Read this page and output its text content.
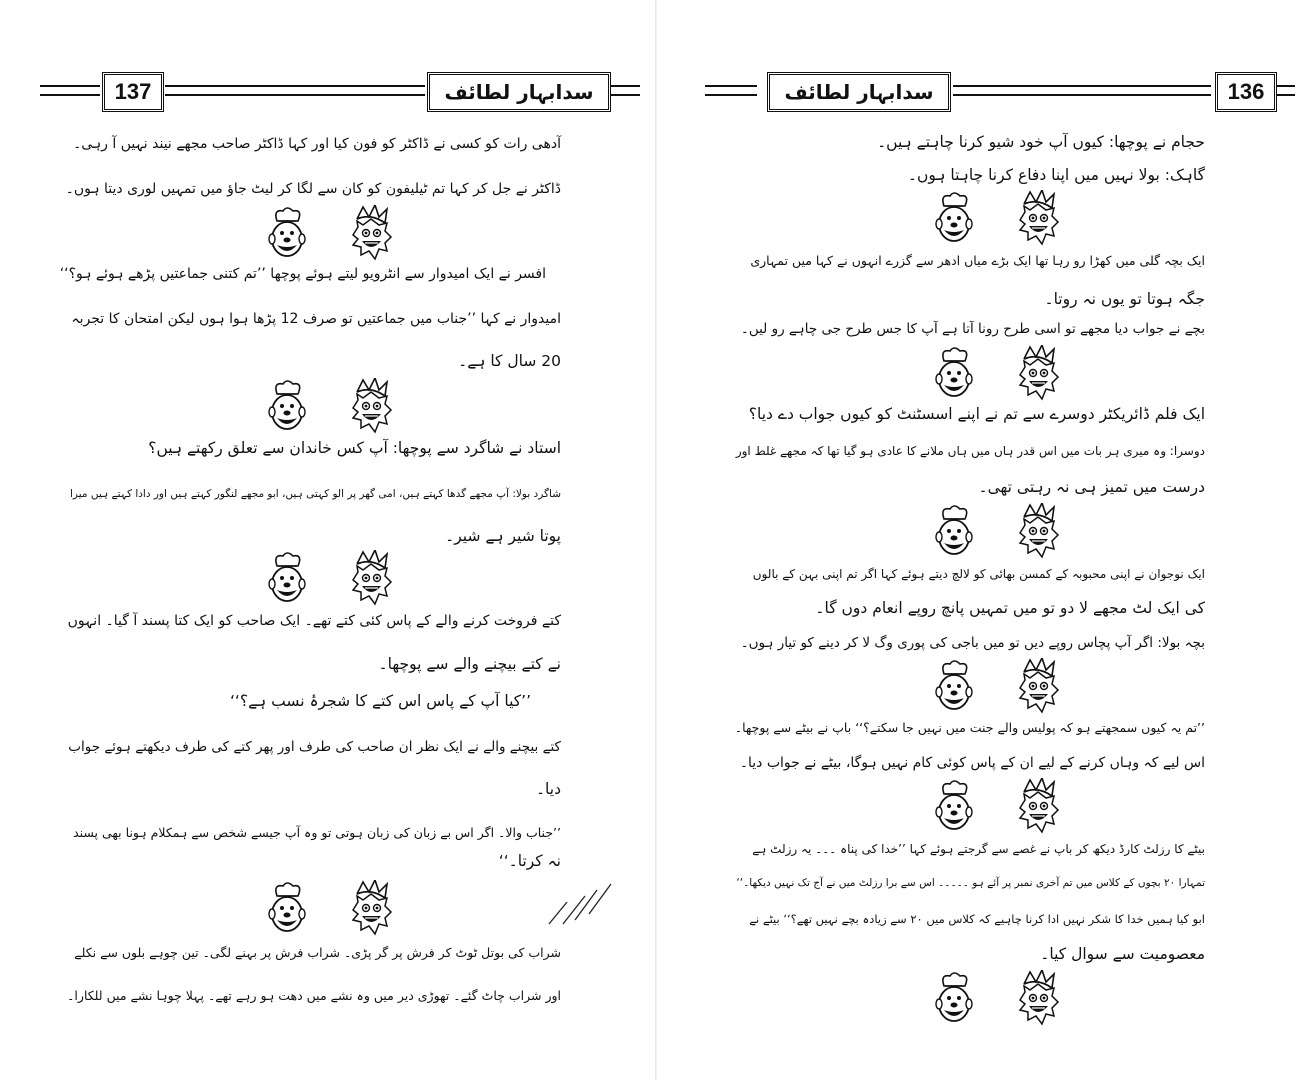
137	سدابہار لطائف
آدھی رات کو کسی نے ڈاکٹر کو فون کیا اور کہا ڈاکٹر صاحب مجھے نیند نہیں آ رہی۔
ڈاکٹر نے جل کر کہا تم ٹیلیفون کو کان سے لگا کر لیٹ جاؤ میں تمہیں لوری دیتا ہوں۔
افسر نے ایک امیدوار سے انٹرویو لیتے ہوئے پوچھا ’’تم کتنی جماعتیں پڑھے ہوئے ہو؟‘‘
امیدوار نے کہا ’’جناب میں جماعتیں تو صرف 12 پڑھا ہوا ہوں لیکن امتحان کا تجربہ
20 سال کا ہے۔
استاد نے شاگرد سے پوچھا: آپ کس خاندان سے تعلق رکھتے ہیں؟
شاگرد بولا: آپ مجھے گدھا کہتے ہیں، امی گھر پر الو کہتی ہیں، ابو مجھے لنگور کہتے ہیں اور دادا کہتے ہیں میرا
پوتا شیر ہے شیر۔
کتے فروخت کرنے والے کے پاس کئی کتے تھے۔ ایک صاحب کو ایک کتا پسند آ گیا۔ انہوں
نے کتے بیچنے والے سے پوچھا۔
’’کیا آپ کے پاس اس کتے کا شجرۂ نسب ہے؟‘‘
کتے بیچنے والے نے ایک نظر ان صاحب کی طرف اور پھر کتے کی طرف دیکھتے ہوئے جواب
دیا۔
’’جناب والا۔ اگر اس بے زبان کی زبان ہوتی تو وہ آپ جیسے شخص سے ہمکلام ہونا بھی پسند
نہ کرتا۔‘‘
شراب کی بوتل ٹوٹ کر فرش پر گر پڑی۔ شراب فرش پر بہنے لگی۔ تین چوہے بلوں سے نکلے
اور شراب چاٹ گئے۔ تھوڑی دیر میں وہ نشے میں دھت ہو رہے تھے۔ پہلا چوہا نشے میں للکارا۔
سدابہار لطائف	136
حجام نے پوچھا: کیوں آپ خود شیو کرنا چاہتے ہیں۔
گاہک: بولا نہیں میں اپنا دفاع کرنا چاہتا ہوں۔
ایک بچہ گلی میں کھڑا رو رہا تھا ایک بڑے میاں ادھر سے گزرے انہوں نے کہا میں تمہاری
جگہ ہوتا تو یوں نہ روتا۔
بچے نے جواب دیا مجھے تو اسی طرح رونا آتا ہے آپ کا جس طرح جی چاہے رو لیں۔
ایک فلم ڈائریکٹر دوسرے سے تم نے اپنے اسسٹنٹ کو کیوں جواب دے دیا؟
دوسرا: وہ میری ہر بات میں اس قدر ہاں میں ہاں ملانے کا عادی ہو گیا تھا کہ مجھے غلط اور
درست میں تمیز ہی نہ رہتی تھی۔
ایک نوجوان نے اپنی محبوبہ کے کمسن بھائی کو لالچ دیتے ہوئے کہا اگر تم اپنی بہن کے بالوں
کی ایک لٹ مجھے لا دو تو میں تمہیں پانچ روپے انعام دوں گا۔
بچہ بولا: اگر آپ پچاس روپے دیں تو میں باجی کی پوری وگ لا کر دینے کو تیار ہوں۔
’’تم یہ کیوں سمجھتے ہو کہ پولیس والے جنت میں نہیں جا سکتے؟‘‘ باپ نے بیٹے سے پوچھا۔
اس لیے کہ وہاں کرنے کے لیے ان کے پاس کوئی کام نہیں ہوگا، بیٹے نے جواب دیا۔
بیٹے کا رزلٹ کارڈ دیکھ کر باپ نے غصے سے گرجتے ہوئے کہا ’’خدا کی پناہ ۔۔۔ یہ رزلٹ ہے
تمہارا ۲۰ بچوں کے کلاس میں تم آخری نمبر پر آئے ہو ۔۔۔۔۔ اس سے برا رزلٹ میں نے آج تک نہیں دیکھا۔‘‘
ابو کیا ہمیں خدا کا شکر نہیں ادا کرنا چاہیے کہ کلاس میں ۲۰ سے زیادہ بچے نہیں تھے؟‘‘ بیٹے نے
معصومیت سے سوال کیا۔
